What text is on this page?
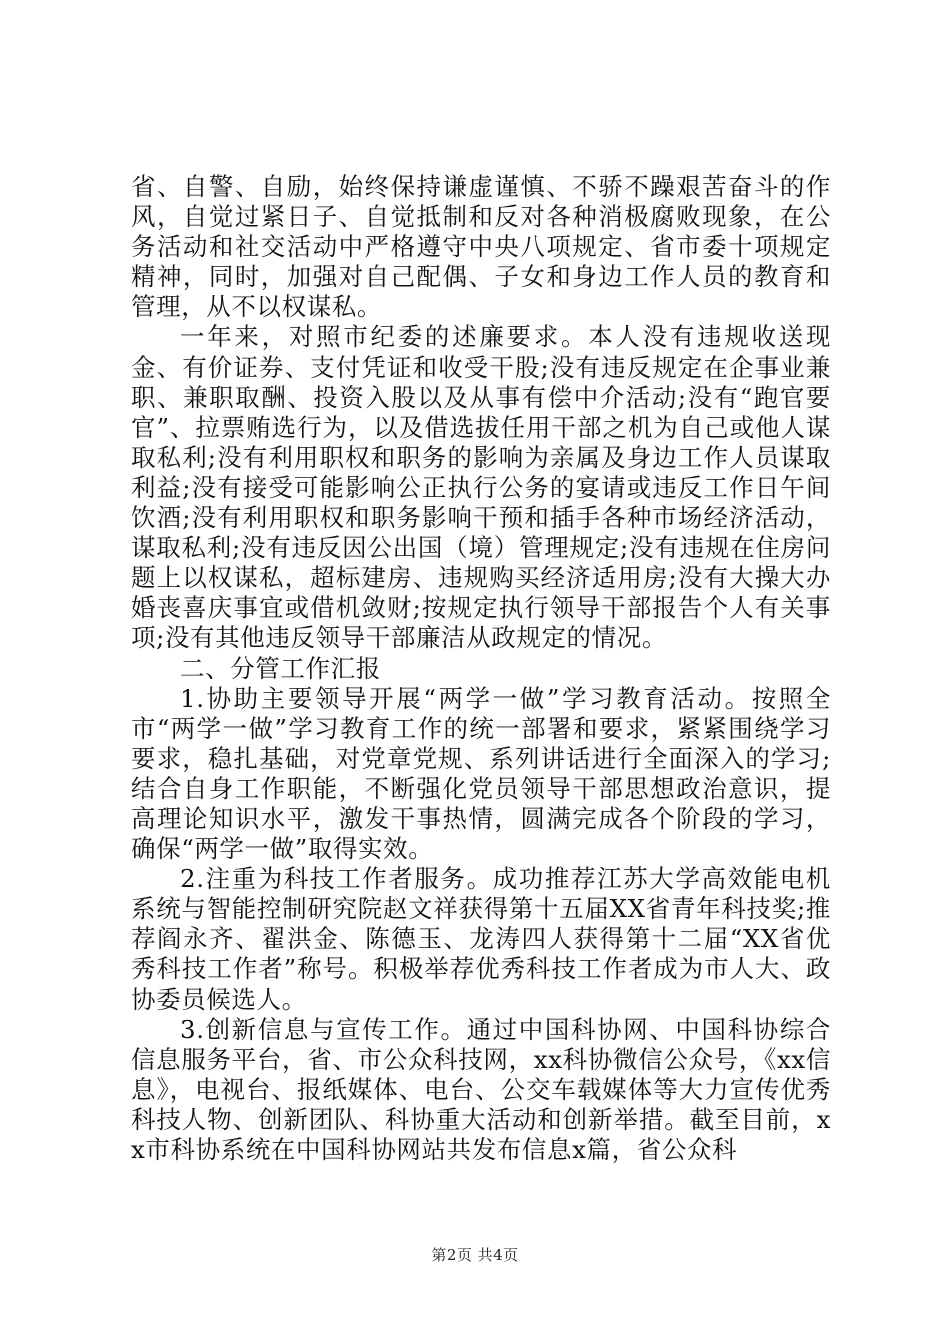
省、自警、自励，始终保持谦虚谨慎、不骄不躁艰苦奋斗的作风，自觉过紧日子、自觉抵制和反对各种消极腐败现象，在公务活动和社交活动中严格遵守中央八项规定、省市委十项规定精神，同时，加强对自己配偶、子女和身边工作人员的教育和管理，从不以权谋私。

一年来，对照市纪委的述廉要求。本人没有违规收送现金、有价证券、支付凭证和收受干股;没有违反规定在企事业兼职、兼职取酬、投资入股以及从事有偿中介活动;没有“跑官要官”、拉票贿选行为，以及借选拔任用干部之机为自己或他人谋取私利;没有利用职权和职务的影响为亲属及身边工作人员谋取利益;没有接受可能影响公正执行公务的宴请或违反工作日午间饮酒;没有利用职权和职务影响干预和插手各种市场经济活动，谋取私利;没有违反因公出国（境）管理规定;没有违规在住房问题上以权谋私，超标建房、违规购买经济适用房;没有大操大办婚丧喜庆事宜或借机敛财;按规定执行领导干部报告个人有关事项;没有其他违反领导干部廉洁从政规定的情况。

二、分管工作汇报

1.协助主要领导开展“两学一做”学习教育活动。按照全市“两学一做”学习教育工作的统一部署和要求，紧紧围绕学习要求，稳扎基础，对党章党规、系列讲话进行全面深入的学习;结合自身工作职能，不断强化党员领导干部思想政治意识，提高理论知识水平，激发干事热情，圆满完成各个阶段的学习，确保“两学一做”取得实效。

2.注重为科技工作者服务。成功推荐江苏大学高效能电机系统与智能控制研究院赵文祥获得第十五届XX省青年科技奖;推荐阎永齐、翟洪金、陈德玉、龙涛四人获得第十二届“XX省优秀科技工作者”称号。积极举荐优秀科技工作者成为市人大、政协委员候选人。

3.创新信息与宣传工作。通过中国科协网、中国科协综合信息服务平台，省、市公众科技网，xx科协微信公众号，《xx信息》，电视台、报纸媒体、电台、公交车载媒体等大力宣传优秀科技人物、创新团队、科协重大活动和创新举措。截至目前，xx市科协系统在中国科协网站共发布信息x篇，省公众科

第2页 共4页
